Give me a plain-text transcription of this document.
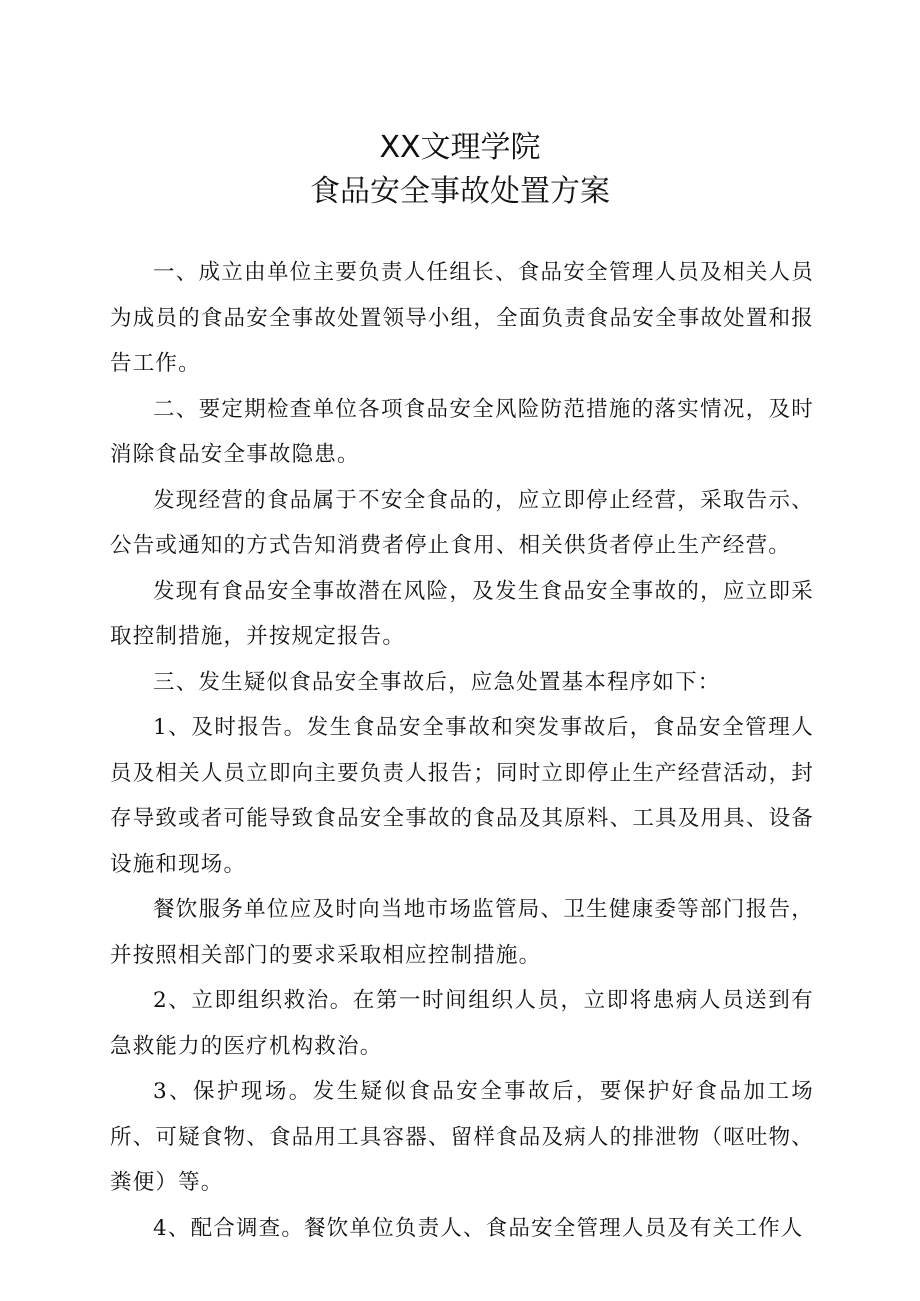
XX文理学院
食品安全事故处置方案

一、成立由单位主要负责人任组长、食品安全管理人员及相关人员为成员的食品安全事故处置领导小组，全面负责食品安全事故处置和报告工作。

二、要定期检查单位各项食品安全风险防范措施的落实情况，及时消除食品安全事故隐患。

发现经营的食品属于不安全食品的，应立即停止经营，采取告示、公告或通知的方式告知消费者停止食用、相关供货者停止生产经营。

发现有食品安全事故潜在风险，及发生食品安全事故的，应立即采取控制措施，并按规定报告。

三、发生疑似食品安全事故后，应急处置基本程序如下：

1、及时报告。发生食品安全事故和突发事故后，食品安全管理人员及相关人员立即向主要负责人报告；同时立即停止生产经营活动，封存导致或者可能导致食品安全事故的食品及其原料、工具及用具、设备设施和现场。

餐饮服务单位应及时向当地市场监管局、卫生健康委等部门报告，并按照相关部门的要求采取相应控制措施。

2、立即组织救治。在第一时间组织人员，立即将患病人员送到有急救能力的医疗机构救治。

3、保护现场。发生疑似食品安全事故后，要保护好食品加工场所、可疑食物、食品用工具容器、留样食品及病人的排泄物（呕吐物、粪便）等。

4、配合调查。餐饮单位负责人、食品安全管理人员及有关工作人
